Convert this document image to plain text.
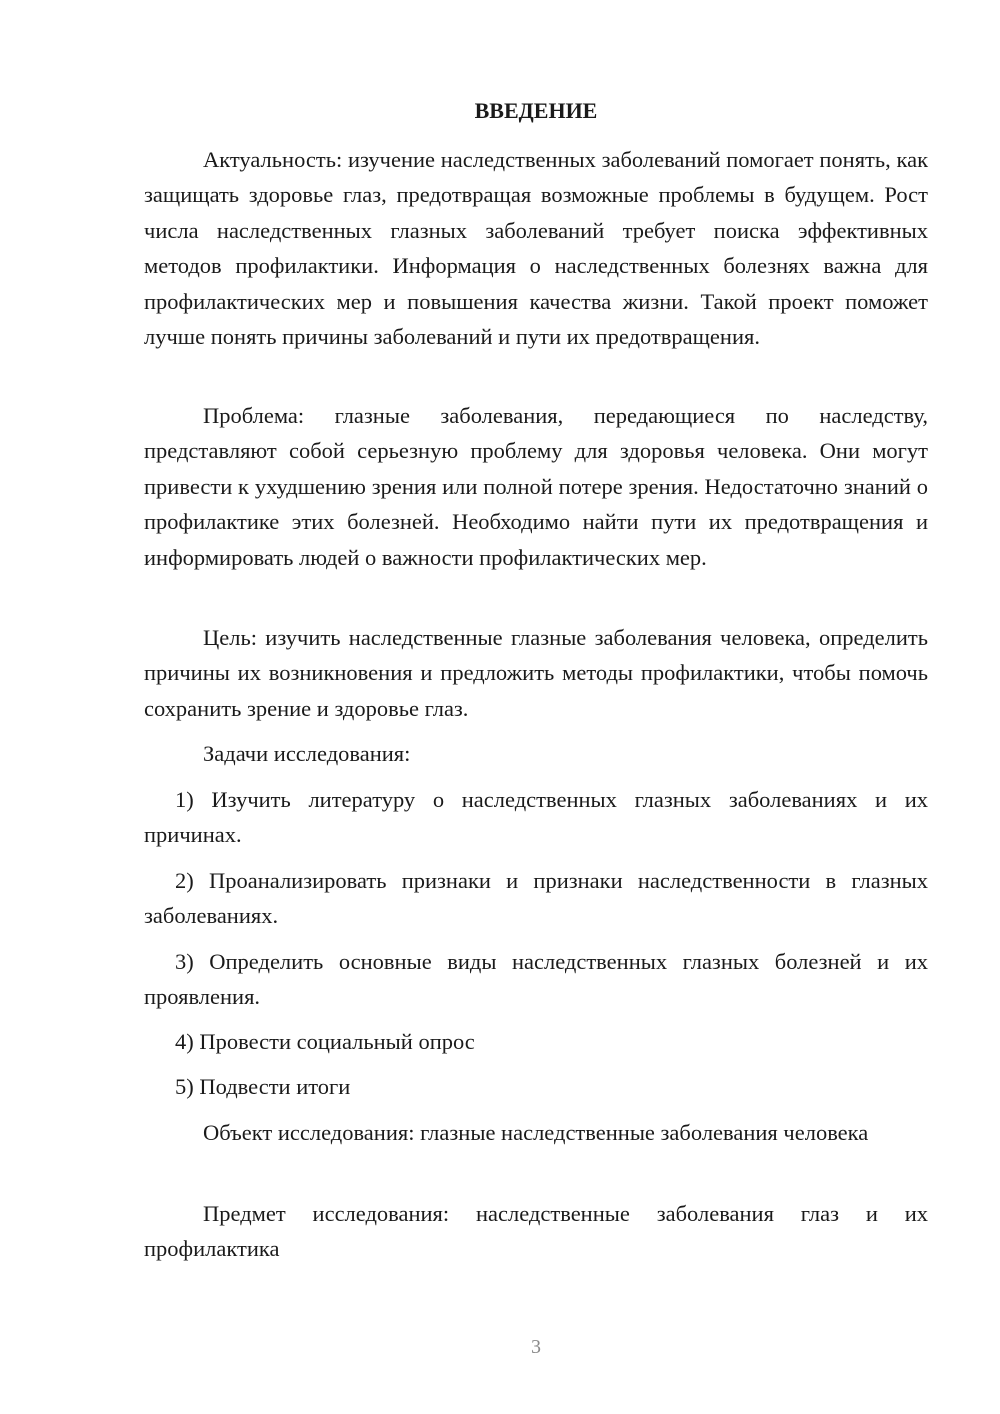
ВВЕДЕНИЕ

Актуальность: изучение наследственных заболеваний помогает понять, как защищать здоровье глаз, предотвращая возможные проблемы в будущем. Рост числа наследственных глазных заболеваний требует поиска эффективных методов профилактики. Информация о наследственных болезнях важна для профилактических мер и повышения качества жизни. Такой проект поможет лучше понять причины заболеваний и пути их предотвращения.

Проблема: глазные заболевания, передающиеся по наследству, представляют собой серьезную проблему для здоровья человека. Они могут привести к ухудшению зрения или полной потере зрения. Недостаточно знаний о профилактике этих болезней. Необходимо найти пути их предотвращения и информировать людей о важности профилактических мер.

Цель: изучить наследственные глазные заболевания человека, определить причины их возникновения и предложить методы профилактики, чтобы помочь сохранить зрение и здоровье глаз.

Задачи исследования:

1) Изучить литературу о наследственных глазных заболеваниях и их причинах.

2) Проанализировать признаки и признаки наследственности в глазных заболеваниях.

3) Определить основные виды наследственных глазных болезней и их проявления.

4) Провести социальный опрос

5) Подвести итоги

Объект исследования: глазные наследственные заболевания человека

Предмет исследования: наследственные заболевания глаз и их профилактика

3
